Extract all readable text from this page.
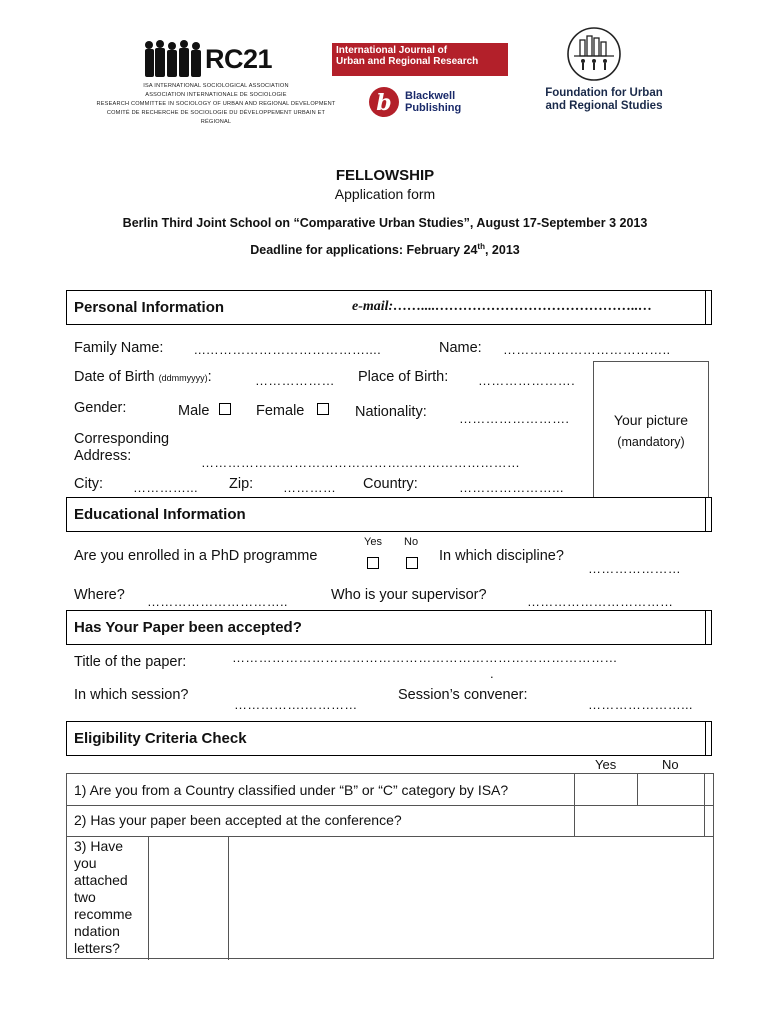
RC21
ISA INTERNATIONAL SOCIOLOGICAL ASSOCIATION
ASSOCIATION INTERNATIONALE DE SOCIOLOGIE
RESEARCH COMMITTEE IN SOCIOLOGY OF URBAN AND REGIONAL DEVELOPMENT
COMITÉ DE RECHERCHE DE SOCIOLOGIE DU DÉVELOPPEMENT URBAIN ET RÉGIONAL
International Journal of
Urban and Regional Research
b Blackwell
Publishing
Foundation for Urban
and Regional Studies
FELLOWSHIP
Application form
Berlin Third Joint School on “Comparative Urban Studies”, August 17-September 3 2013
Deadline for applications: February 24th, 2013
Personal Information	e-mail:……....……………………………………..…
Family Name: ...………………………………....	Name: ………………………………..
Date of Birth (ddmmyyyy):	……………… Place of Birth: ………………….
Gender:	Male	Female	Nationality: …………………….
Corresponding
Address:	………………………………………………………………
City: …………... Zip: ………… Country:	…………………...
Your picture
(mandatory)
Educational Information
Yes No
Are you enrolled in a PhD programme	In which discipline?
…………………
Where? …………………………..	Who is your supervisor?	……………………………
Has Your Paper been accepted?
Title of the paper:	……………………………………………………………………………
.
In which session?
…………….…………
Session’s convener:
…………………...
Eligibility Criteria Check
Yes	No
1) Are you from a Country classified under “B” or “C” category by ISA?
2) Has your paper been accepted at the conference?
3) Have
you
attached
two
recomme
ndation
letters?
